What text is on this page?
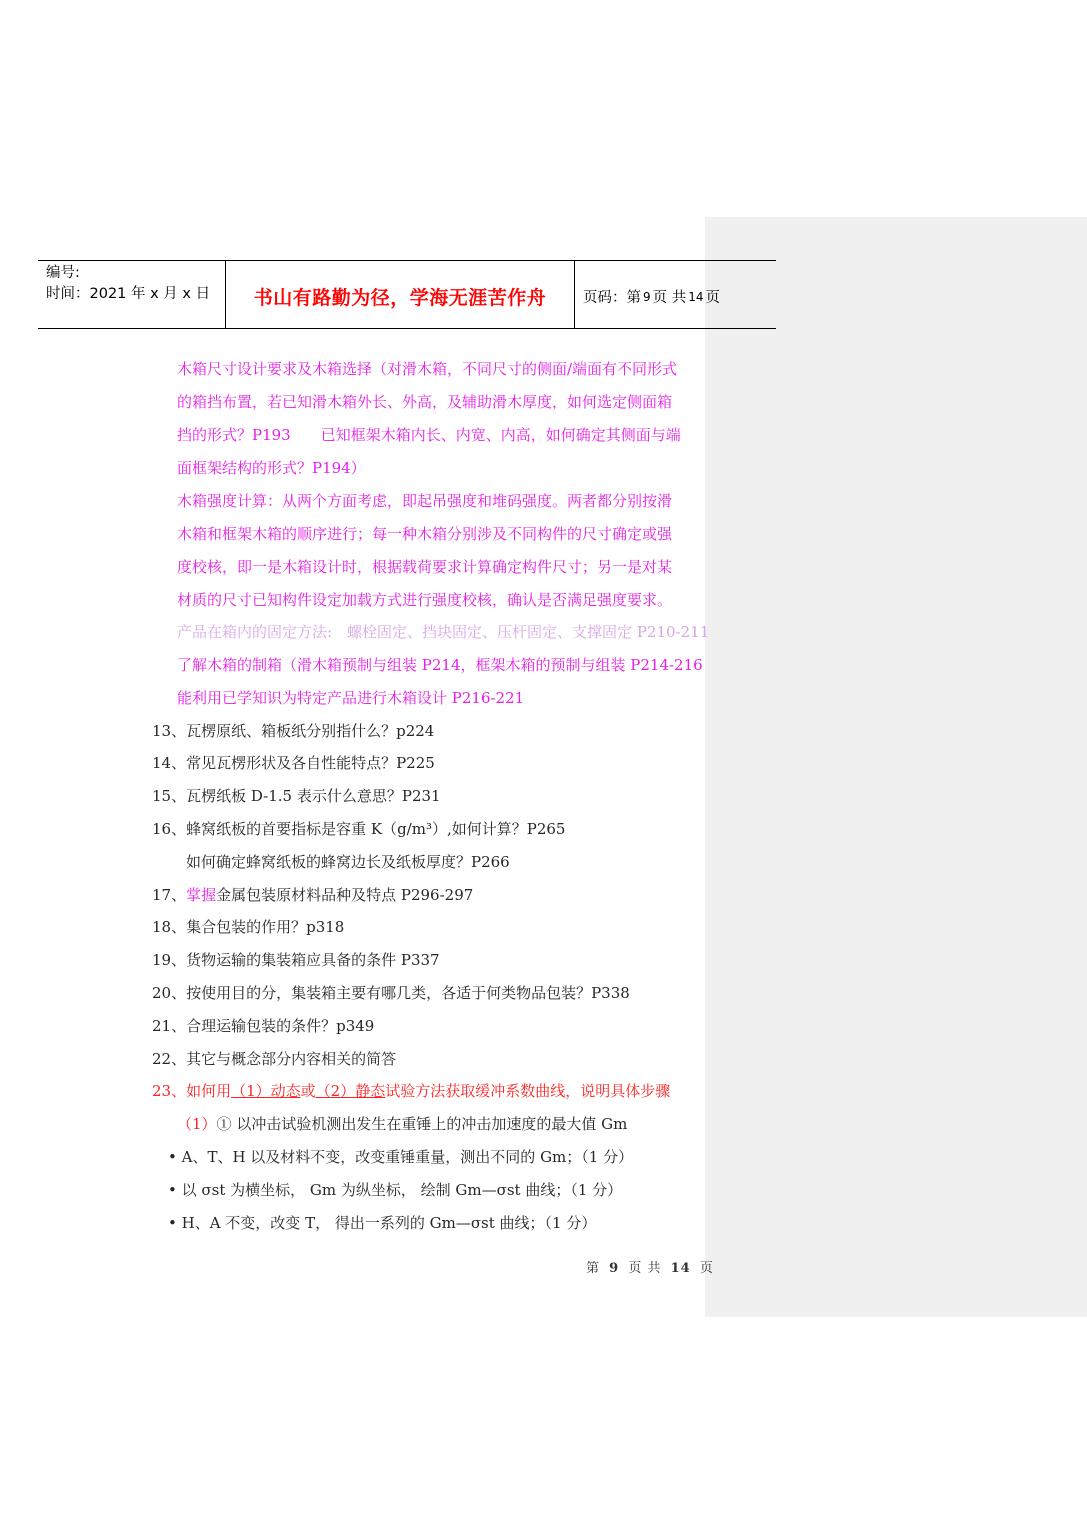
编号:
时间：2021 年 x 月 x 日	书山有路勤为径，学海无涯苦作舟	页码：第 9 页 共 14 页
木箱尺寸设计要求及木箱选择（对滑木箱，不同尺寸的侧面/端面有不同形式
的箱挡布置，若已知滑木箱外长、外高，及辅助滑木厚度，如何选定侧面箱
挡的形式？P193　　已知框架木箱内长、内宽、内高，如何确定其侧面与端
面框架结构的形式？P194）
木箱强度计算：从两个方面考虑，即起吊强度和堆码强度。两者都分别按滑
木箱和框架木箱的顺序进行；每一种木箱分别涉及不同构件的尺寸确定或强
度校核，即一是木箱设计时，根据载荷要求计算确定构件尺寸；另一是对某
材质的尺寸已知构件设定加载方式进行强度校核，确认是否满足强度要求。
产品在箱内的固定方法:　螺栓固定、挡块固定、压杆固定、支撑固定 P210-211
了解木箱的制箱（滑木箱预制与组装 P214，框架木箱的预制与组装 P214-216
能利用已学知识为特定产品进行木箱设计 P216-221
13、瓦楞原纸、箱板纸分别指什么？p224
14、常见瓦楞形状及各自性能特点？P225
15、瓦楞纸板 D-1.5 表示什么意思？P231
16、蜂窝纸板的首要指标是容重 K（g/m³）,如何计算？P265
如何确定蜂窝纸板的蜂窝边长及纸板厚度？P266
17、掌握金属包装原材料品种及特点 P296-297
18、集合包装的作用？p318
19、货物运输的集装箱应具备的条件 P337
20、按使用目的分，集装箱主要有哪几类，各适于何类物品包装？P338
21、合理运输包装的条件？p349
22、其它与概念部分内容相关的简答
23、如何用（1）动态或（2）静态试验方法获取缓冲系数曲线，说明具体步骤
（1）① 以冲击试验机测出发生在重锤上的冲击加速度的最大值 Gm
• A、T、H 以及材料不变，改变重锤重量，测出不同的 Gm；（1 分）
• 以 σst 为横坐标， Gm 为纵坐标， 绘制 Gm—σst 曲线；（1 分）
• H、A 不变，改变 T， 得出一系列的 Gm—σst 曲线；（1 分）
第 9 页 共 14 页
